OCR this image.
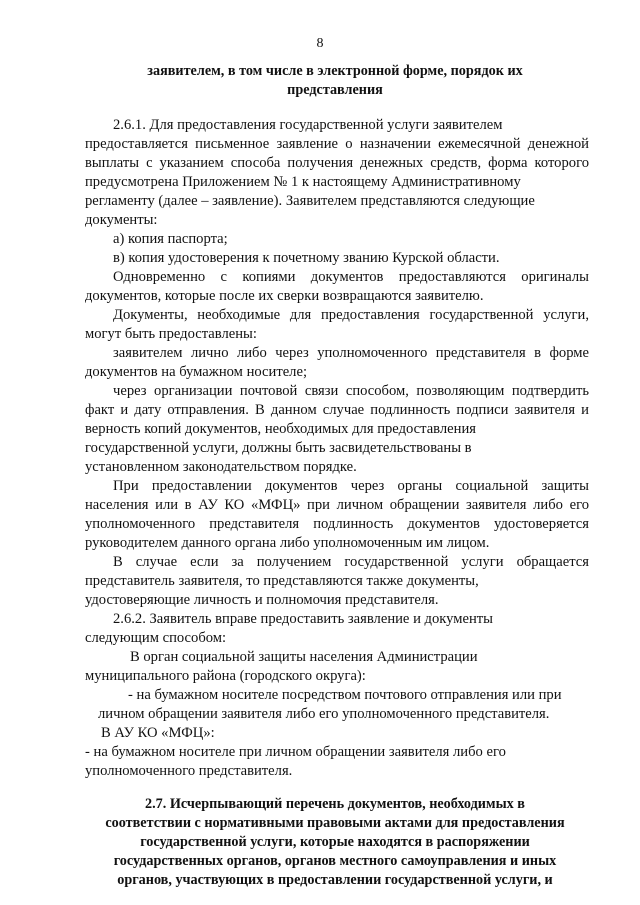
8
заявителем, в том числе в электронной форме, порядок их
представления
2.6.1. Для предоставления государственной услуги заявителем
предоставляется письменное заявление о назначении ежемесячной денежной
выплаты с указанием способа получения денежных средств, форма которого
предусмотрена Приложением № 1 к настоящему Административному
регламенту (далее – заявление). Заявителем представляются следующие
документы:
а) копия паспорта;
в) копия удостоверения к почетному званию Курской области.
Одновременно с копиями документов предоставляются оригиналы
документов, которые после их сверки возвращаются заявителю.
Документы, необходимые для предоставления государственной услуги,
могут быть предоставлены:
заявителем лично либо через уполномоченного представителя в форме
документов на бумажном носителе;
через организации почтовой связи способом, позволяющим подтвердить
факт и дату отправления. В данном случае подлинность подписи заявителя и
верность копий документов, необходимых для предоставления
государственной услуги, должны быть засвидетельствованы в
установленном законодательством порядке.
При предоставлении документов через органы социальной защиты
населения или в АУ КО «МФЦ» при личном обращении заявителя либо его
уполномоченного представителя подлинность документов удостоверяется
руководителем данного органа либо уполномоченным им лицом.
В случае если за получением государственной услуги обращается
представитель заявителя, то представляются также документы,
удостоверяющие личность и полномочия представителя.
2.6.2. Заявитель вправе предоставить заявление и документы
следующим способом:
В орган социальной защиты населения Администрации
муниципального района (городского округа):
- на бумажном носителе посредством почтового отправления или при
личном обращении заявителя либо его уполномоченного представителя.
В АУ КО «МФЦ»:
- на бумажном носителе при личном обращении заявителя либо его
уполномоченного представителя.
2.7. Исчерпывающий перечень документов, необходимых в
соответствии с нормативными правовыми актами для предоставления
государственной услуги, которые находятся в распоряжении
государственных органов, органов местного самоуправления и иных
органов, участвующих в предоставлении государственной услуги, и
